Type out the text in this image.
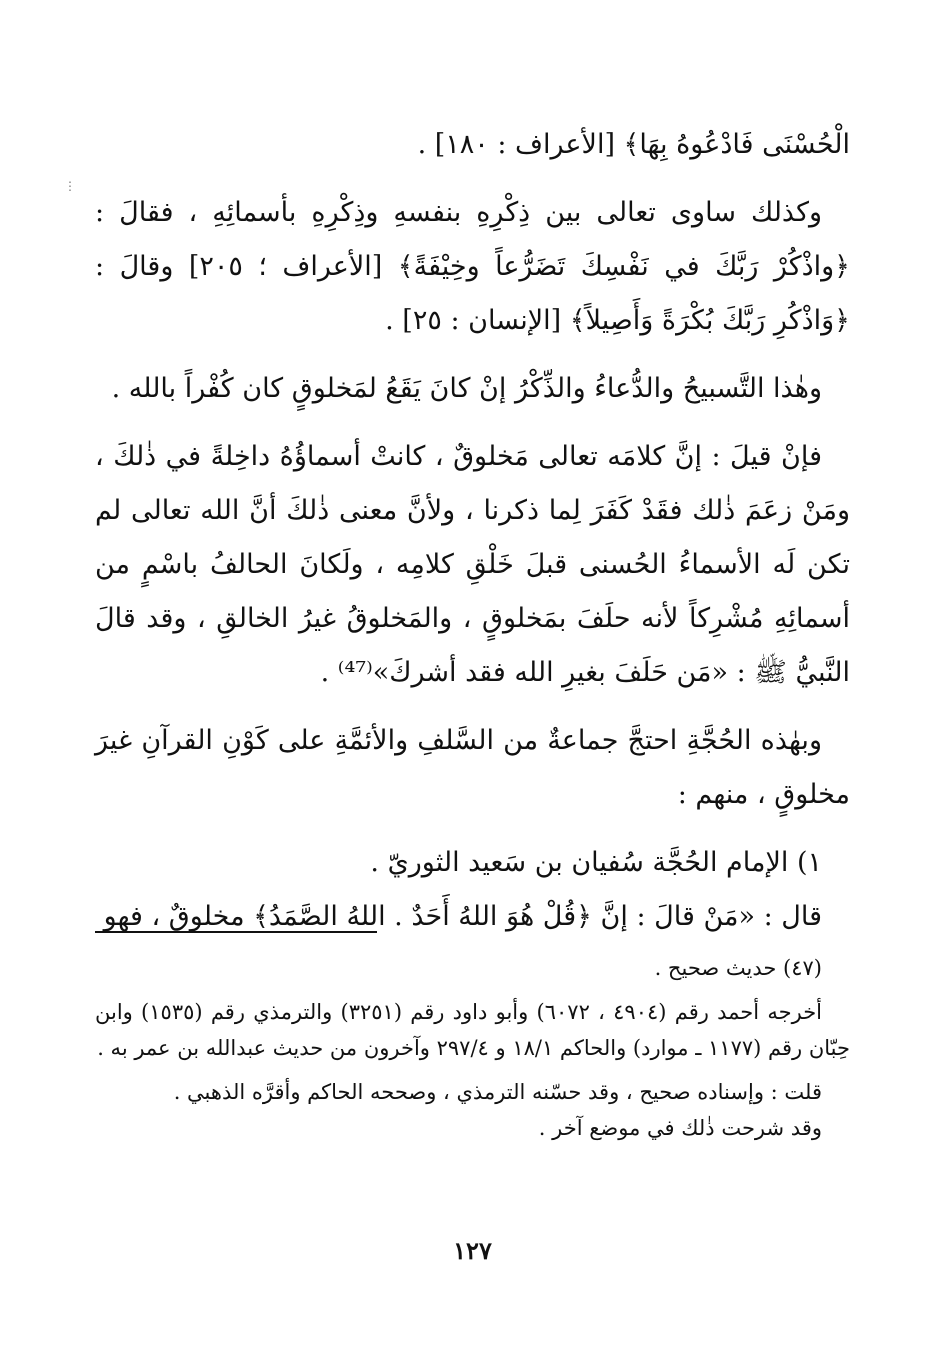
⋮

الْحُسْنَى فَادْعُوهُ بِهَا﴾ [الأعراف : ١٨٠] .

وكذلك ساوى تعالى بين ذِكْرِهِ بنفسهِ وذِكْرِهِ بأسمائِهِ ، فقالَ : ﴿واذْكُرْ رَبَّكَ في نَفْسِكَ تَضَرُّعاً وخِيْفَةً﴾ [الأعراف ؛ ٢٠٥] وقالَ : ﴿وَاذْكُرِ رَبَّكَ بُكْرَةً وَأَصِيلاً﴾ [الإنسان : ٢٥] .

وهٰذا التَّسبيحُ والدُّعاءُ والذِّكْرُ إنْ كانَ يَقَعُ لمَخلوقٍ كان كُفْراً بالله .

فإنْ قيلَ : إنَّ كلامَه تعالى مَخلوقٌ ، كانتْ أسماؤُهُ داخِلةً في ذٰلكَ ، ومَنْ زعَمَ ذٰلك فقَدْ كَفَرَ لِما ذكرنا ، ولأنَّ معنى ذٰلكَ أنَّ الله تعالى لم تكن لَه الأسماءُ الحُسنى قبلَ خَلْقِ كلامِه ، ولَكانَ الحالفُ باسْمٍ من أسمائِهِ مُشْرِكاً لأنه حلَفَ بمَخلوقٍ ، والمَخلوقُ غيرُ الخالقِ ، وقد قالَ النَّبيُّ ﷺ : «مَن حَلَفَ بغيرِ الله فقد أشركَ»⁽⁴⁷⁾ .

وبهٰذه الحُجَّةِ احتجَّ جماعةٌ من السَّلفِ والأئمَّةِ على كَوْنِ القرآنِ غيرَ مخلوقٍ ، منهم :

١) الإمام الحُجَّة سُفيان بن سَعيد الثوريّ .

قال : «مَنْ قالَ : إنَّ ﴿قُلْ هُوَ اللهُ أَحَدٌ . اللهُ الصَّمَدُ﴾ مخلوقٌ ، فهو

(٤٧) حديث صحيح .

أخرجه أحمد رقم (٤٩٠٤ ، ٦٠٧٢) وأبو داود رقم (٣٢٥١) والترمذي رقم (١٥٣٥) وابن حِبّان رقم (١١٧٧ ـ موارد) والحاكم ١٨/١ و ٢٩٧/٤ وآخرون من حديث عبدالله بن عمر به .

قلت : وإسناده صحيح ، وقد حسّنه الترمذي ، وصححه الحاكم وأقرَّه الذهبي .

وقد شرحت ذٰلك في موضع آخر .

١٢٧
